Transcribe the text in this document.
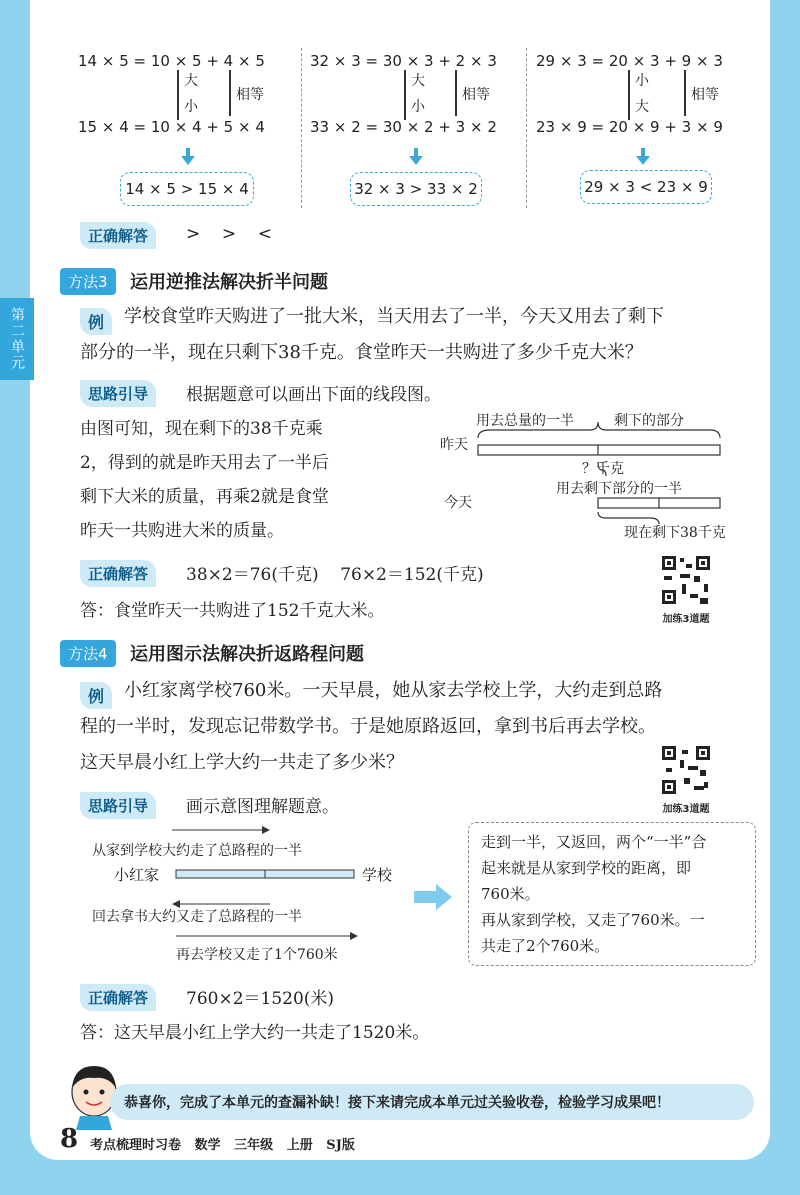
第二单元
14 × 5 = 10 × 5 + 4 × 5
大
小
相等
15 × 4 = 10 × 4 + 5 × 4
14 × 5 > 15 × 4
32 × 3 = 30 × 3 + 2 × 3
大
小
相等
33 × 2 = 30 × 2 + 3 × 2
32 × 3 > 33 × 2
29 × 3 = 20 × 3 + 9 × 3
小
大
相等
23 × 9 = 20 × 9 + 3 × 9
29 × 3 < 23 × 9
正确解答	>    >    <
方法3	运用逆推法解决折半问题
例	学校食堂昨天购进了一批大米，当天用去了一半，今天又用去了剩下
部分的一半，现在只剩下38千克。食堂昨天一共购进了多少千克大米？
思路引导	根据题意可以画出下面的线段图。
由图可知，现在剩下的38千克乘
2，得到的就是昨天用去了一半后
剩下大米的质量，再乘2就是食堂
昨天一共购进大米的质量。
用去总量的一半	剩下的部分
昨天
？千克
用去剩下部分的一半
今天
现在剩下38千克
正确解答	38×2＝76(千克)    76×2＝152(千克)
答：食堂昨天一共购进了152千克大米。	加练3道题
方法4	运用图示法解决折返路程问题
例	小红家离学校760米。一天早晨，她从家去学校上学，大约走到总路
程的一半时，发现忘记带数学书。于是她原路返回，拿到书后再去学校。
这天早晨小红上学大约一共走了多少米？
加练3道题
思路引导	画示意图理解题意。
从家到学校大约走了总路程的一半
小红家	学校
回去拿书大约又走了总路程的一半
再去学校又走了1个760米
走到一半，又返回，两个“一半”合
起来就是从家到学校的距离，即
760米。
再从家到学校，又走了760米。一
共走了2个760米。
正确解答	760×2＝1520(米)
答：这天早晨小红上学大约一共走了1520米。
恭喜你，完成了本单元的查漏补缺！接下来请完成本单元过关验收卷，检验学习成果吧！
8 考点梳理时习卷   数学   三年级   上册   SJ版
